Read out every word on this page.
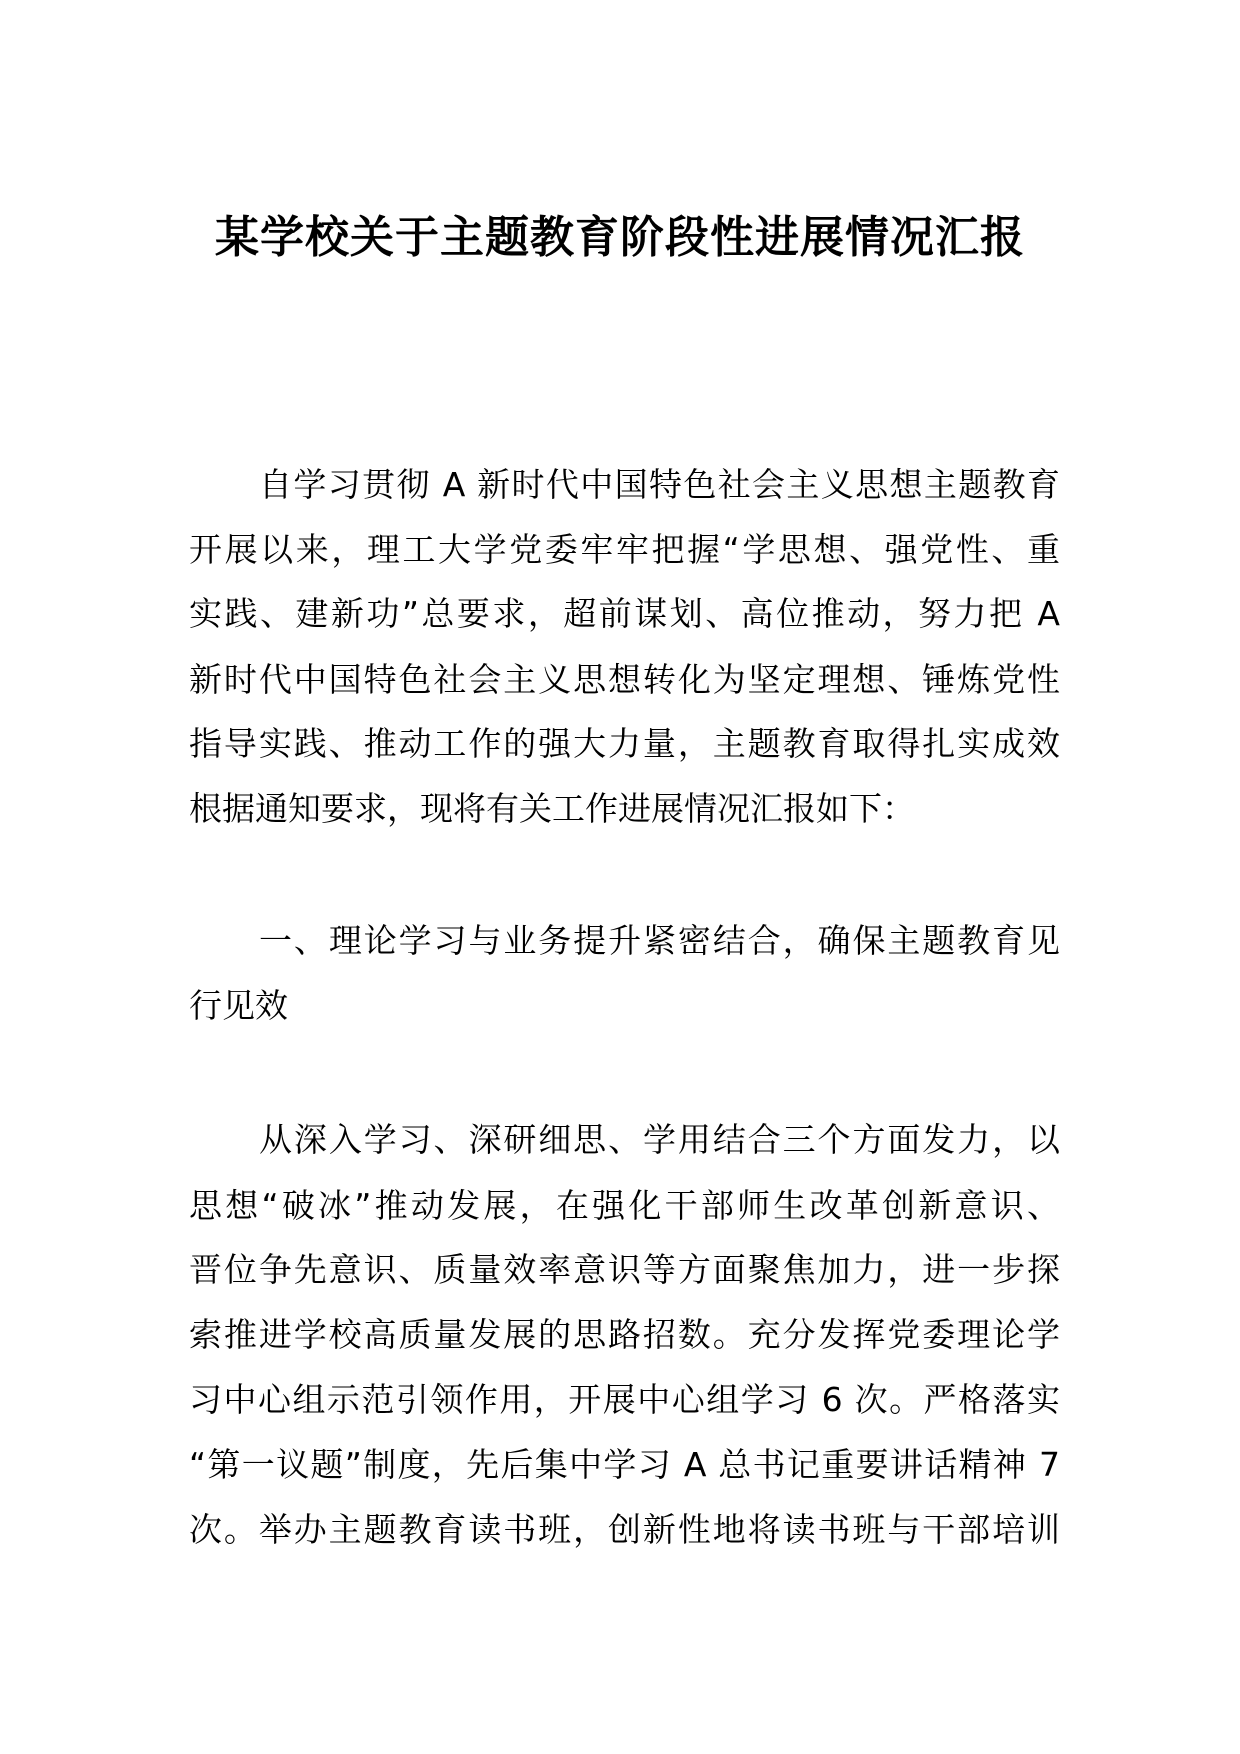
某学校关于主题教育阶段性进展情况汇报
自学习贯彻 A 新时代中国特色社会主义思想主题教育
开展以来，理工大学党委牢牢把握“学思想、强党性、重
实践、建新功”总要求，超前谋划、高位推动，努力把 A
新时代中国特色社会主义思想转化为坚定理想、锤炼党性
指导实践、推动工作的强大力量，主题教育取得扎实成效
根据通知要求，现将有关工作进展情况汇报如下：
一、理论学习与业务提升紧密结合，确保主题教育见
行见效
从深入学习、深研细思、学用结合三个方面发力，以
思想“破冰”推动发展，在强化干部师生改革创新意识、
晋位争先意识、质量效率意识等方面聚焦加力，进一步探
索推进学校高质量发展的思路招数。充分发挥党委理论学
习中心组示范引领作用，开展中心组学习 6 次。严格落实
“第一议题”制度，先后集中学习 A 总书记重要讲话精神 7
次。举办主题教育读书班，创新性地将读书班与干部培训
